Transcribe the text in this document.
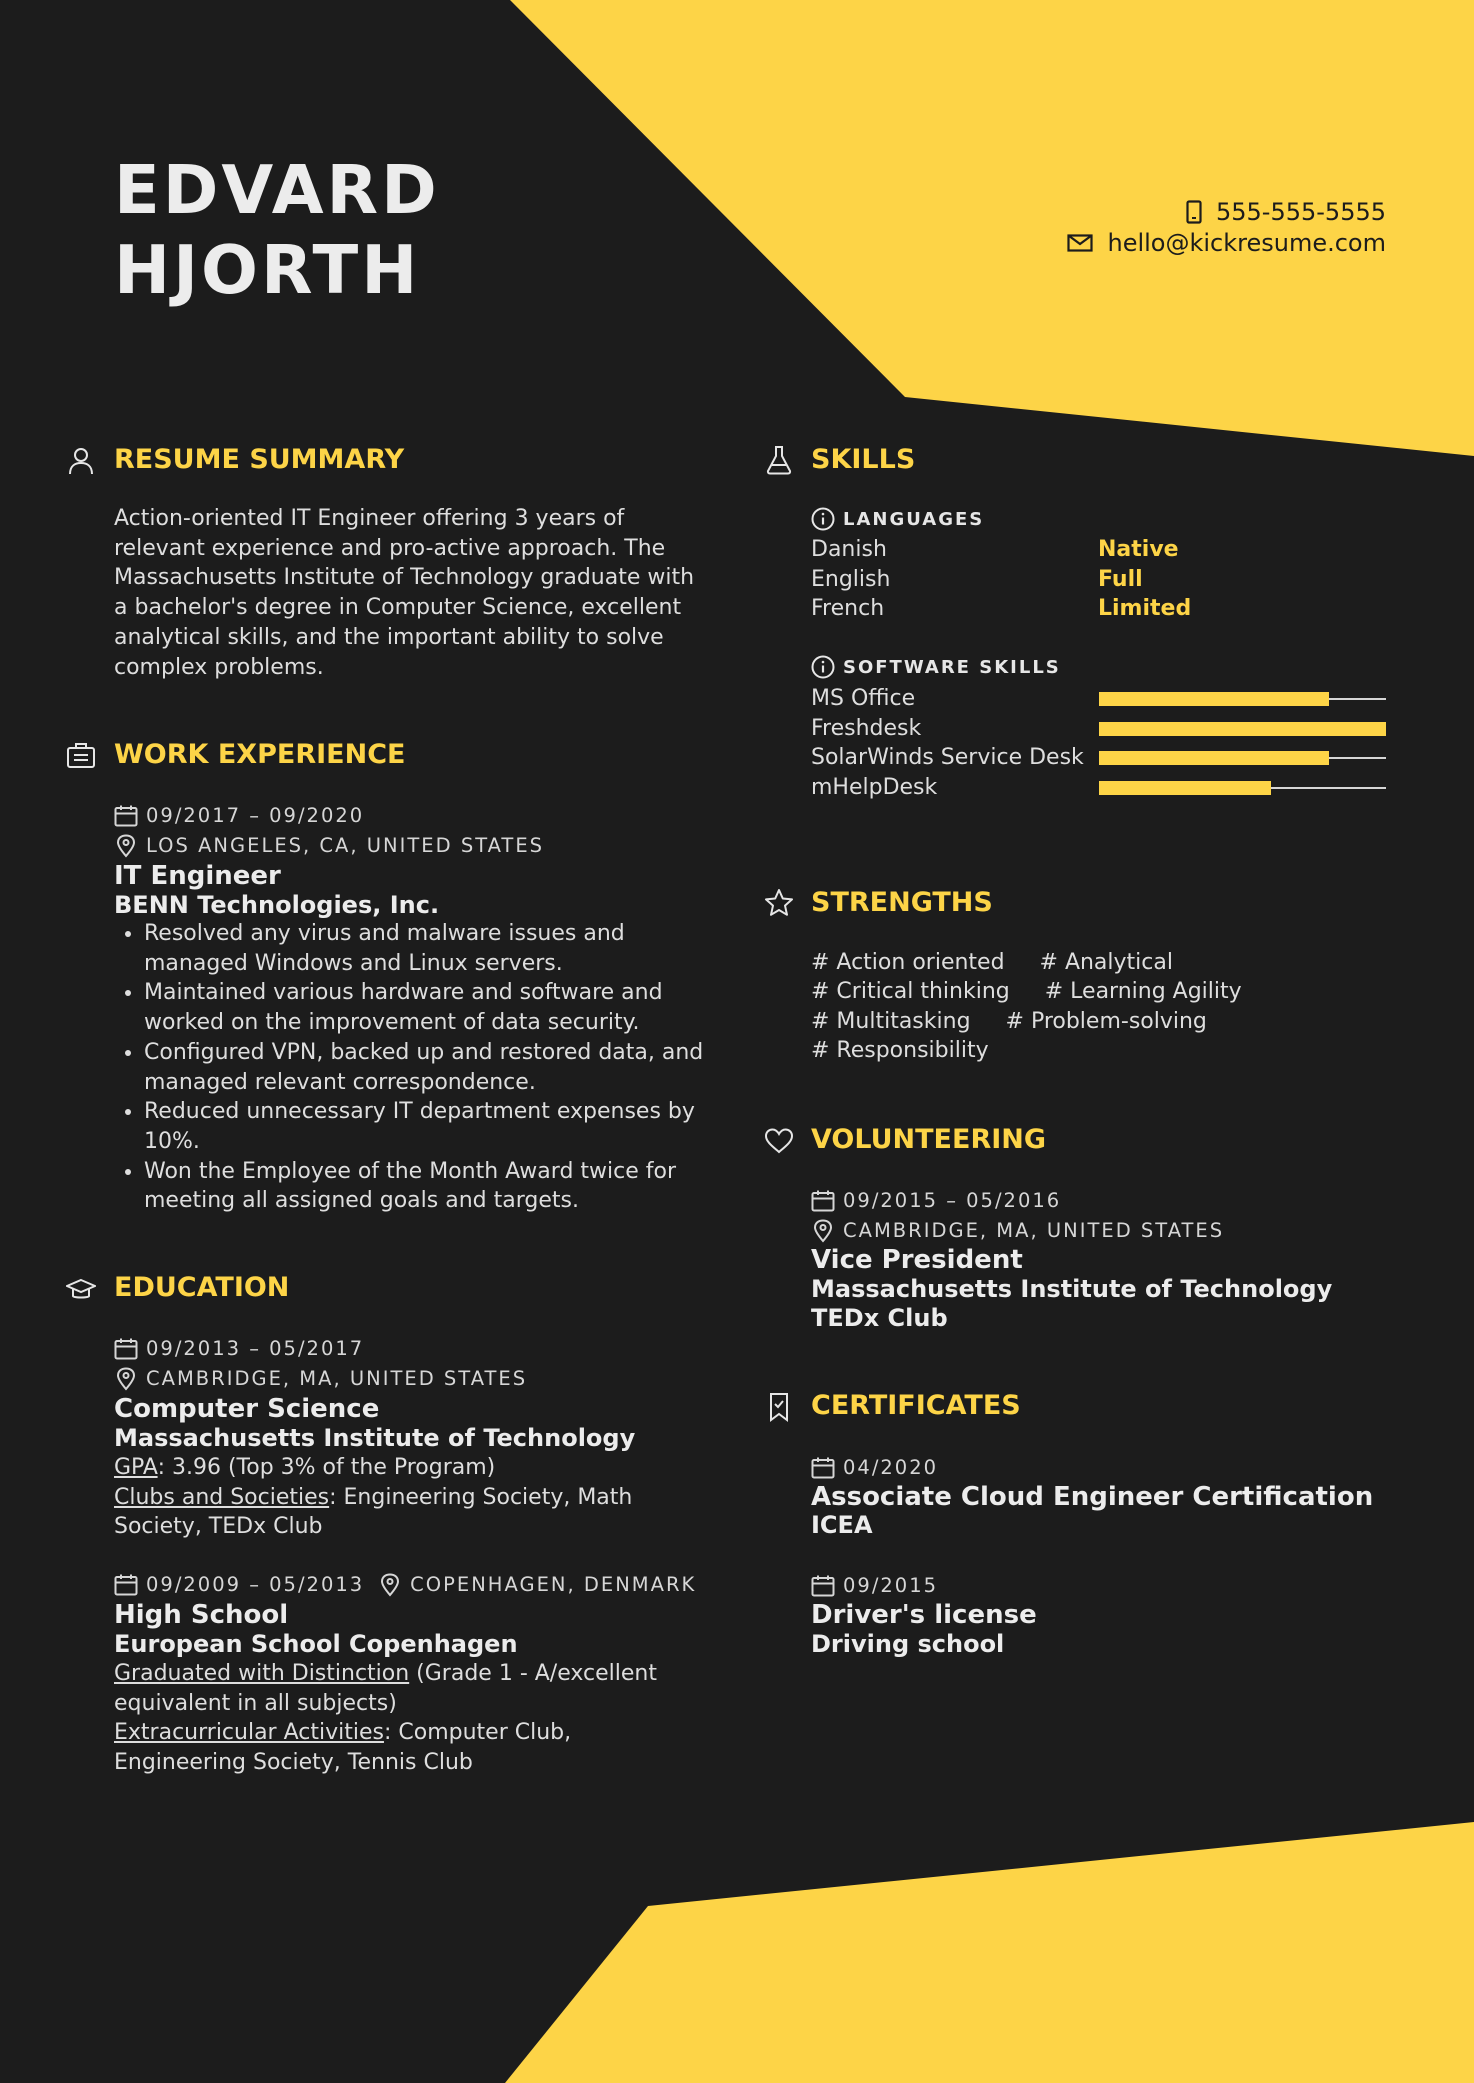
EDVARD
HJORTH
555-555-5555
hello@kickresume.com
RESUME SUMMARY
Action-oriented IT Engineer offering 3 years of relevant experience and pro-active approach. The Massachusetts Institute of Technology graduate with a bachelor's degree in Computer Science, excellent analytical skills, and the important ability to solve complex problems.
WORK EXPERIENCE
09/2017 – 09/2020
LOS ANGELES, CA, UNITED STATES
IT Engineer
BENN Technologies, Inc.
• Resolved any virus and malware issues and managed Windows and Linux servers.
• Maintained various hardware and software and worked on the improvement of data security.
• Configured VPN, backed up and restored data, and managed relevant correspondence.
• Reduced unnecessary IT department expenses by 10%.
• Won the Employee of the Month Award twice for meeting all assigned goals and targets.
EDUCATION
09/2013 – 05/2017
CAMBRIDGE, MA, UNITED STATES
Computer Science
Massachusetts Institute of Technology
GPA: 3.96 (Top 3% of the Program)
Clubs and Societies: Engineering Society, Math Society, TEDx Club
09/2009 – 05/2013 COPENHAGEN, DENMARK
High School
European School Copenhagen
Graduated with Distinction (Grade 1 - A/excellent equivalent in all subjects)
Extracurricular Activities: Computer Club, Engineering Society, Tennis Club
SKILLS
LANGUAGES
Danish	Native
English	Full
French	Limited
SOFTWARE SKILLS
MS Office
Freshdesk
SolarWinds Service Desk
mHelpDesk
STRENGTHS
# Action oriented # Analytical
# Critical thinking # Learning Agility
# Multitasking # Problem-solving
# Responsibility
VOLUNTEERING
09/2015 – 05/2016
CAMBRIDGE, MA, UNITED STATES
Vice President
Massachusetts Institute of Technology TEDx Club
CERTIFICATES
04/2020
Associate Cloud Engineer Certification
ICEA
09/2015
Driver's license
Driving school
